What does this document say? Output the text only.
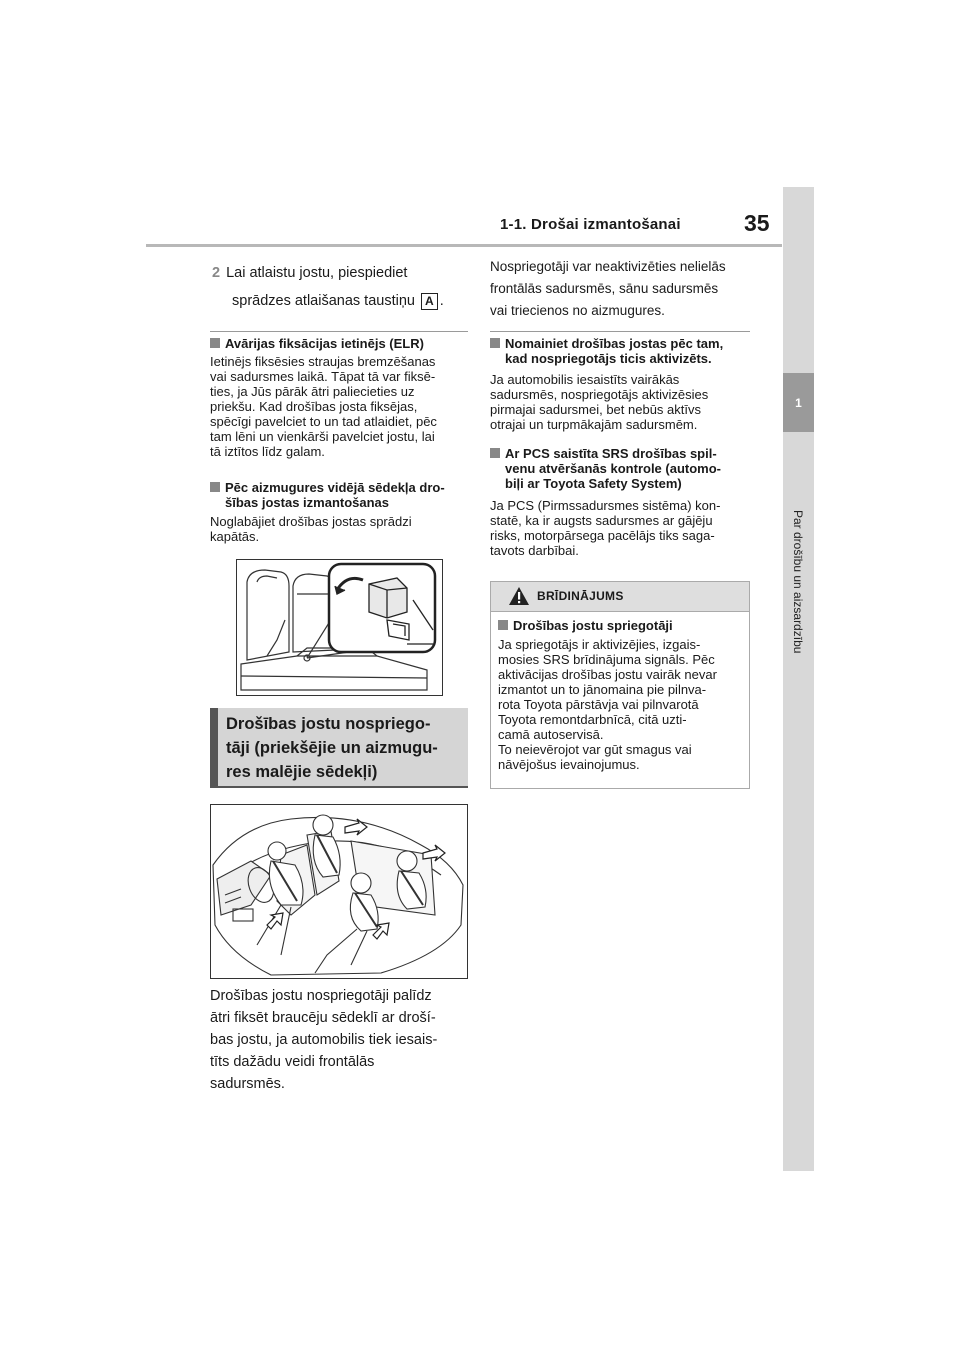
1-1. Drošai izmantošanai	35
1
Par drošību un aizsardzību
2 Lai atlaistu jostu, piespiediet
sprādzes atlaišanas taustiņu A .
Avārijas fiksācijas ietinējs (ELR)
Ietinējs fiksēsies straujas bremzēšanas
vai sadursmes laikā. Tāpat tā var fiksē-
ties, ja Jūs pārāk ātri paliecieties uz
priekšu. Kad drošības josta fiksējas,
spēcīgi pavelciet to un tad atlaidiet, pēc
tam lēni un vienkārši pavelciet jostu, lai
tā iztītos līdz galam.
Pēc aizmugures vidējā sēdekļa dro-
šības jostas izmantošanas
Noglabājiet drošības jostas sprādzi
kapātās.
Drošības jostu nospriego-
tāji (priekšējie un aizmugu-
res malējie sēdekļi)
Drošības jostu nospriegotāji palīdz
ātri fiksēt braucēju sēdeklī ar droší-
bas jostu, ja automobilis tiek iesais-
tīts dažādu veidi frontālās
sadursmēs.
Nospriegotāji var neaktivizēties nelielās
frontālās sadursmēs, sānu sadursmēs
vai triecienos no aizmugures.
Nomainiet drošības jostas pēc tam,
kad nospriegotājs ticis aktivizēts.
Ja automobilis iesaistīts vairākās
sadursmēs, nospriegotājs aktivizēsies
pirmajai sadursmei, bet nebūs aktīvs
otrajai un turpmākajām sadursmēm.
Ar PCS saistīta SRS drošības spil-
venu atvēršanās kontrole (automo-
biļi ar Toyota Safety System)
Ja PCS (Pirmssadursmes sistēma) kon-
statē, ka ir augsts sadursmes ar gājēju
risks, motorpārsega pacēlājs tiks saga-
tavots darbībai.
BRĪDINĀJUMS
Drošības jostu spriegotāji
Ja spriegotājs ir aktivizējies, izgais-
mosies SRS brīdinājuma signāls. Pēc
aktivācijas drošības jostu vairāk nevar
izmantot un to jānomaina pie pilnva-
rota Toyota pārstāvja vai pilnvarotā
Toyota remontdarbnīcā, citā uzti-
camā autoservisā.
To neievērojot var gūt smagus vai
nāvējošus ievainojumus.
